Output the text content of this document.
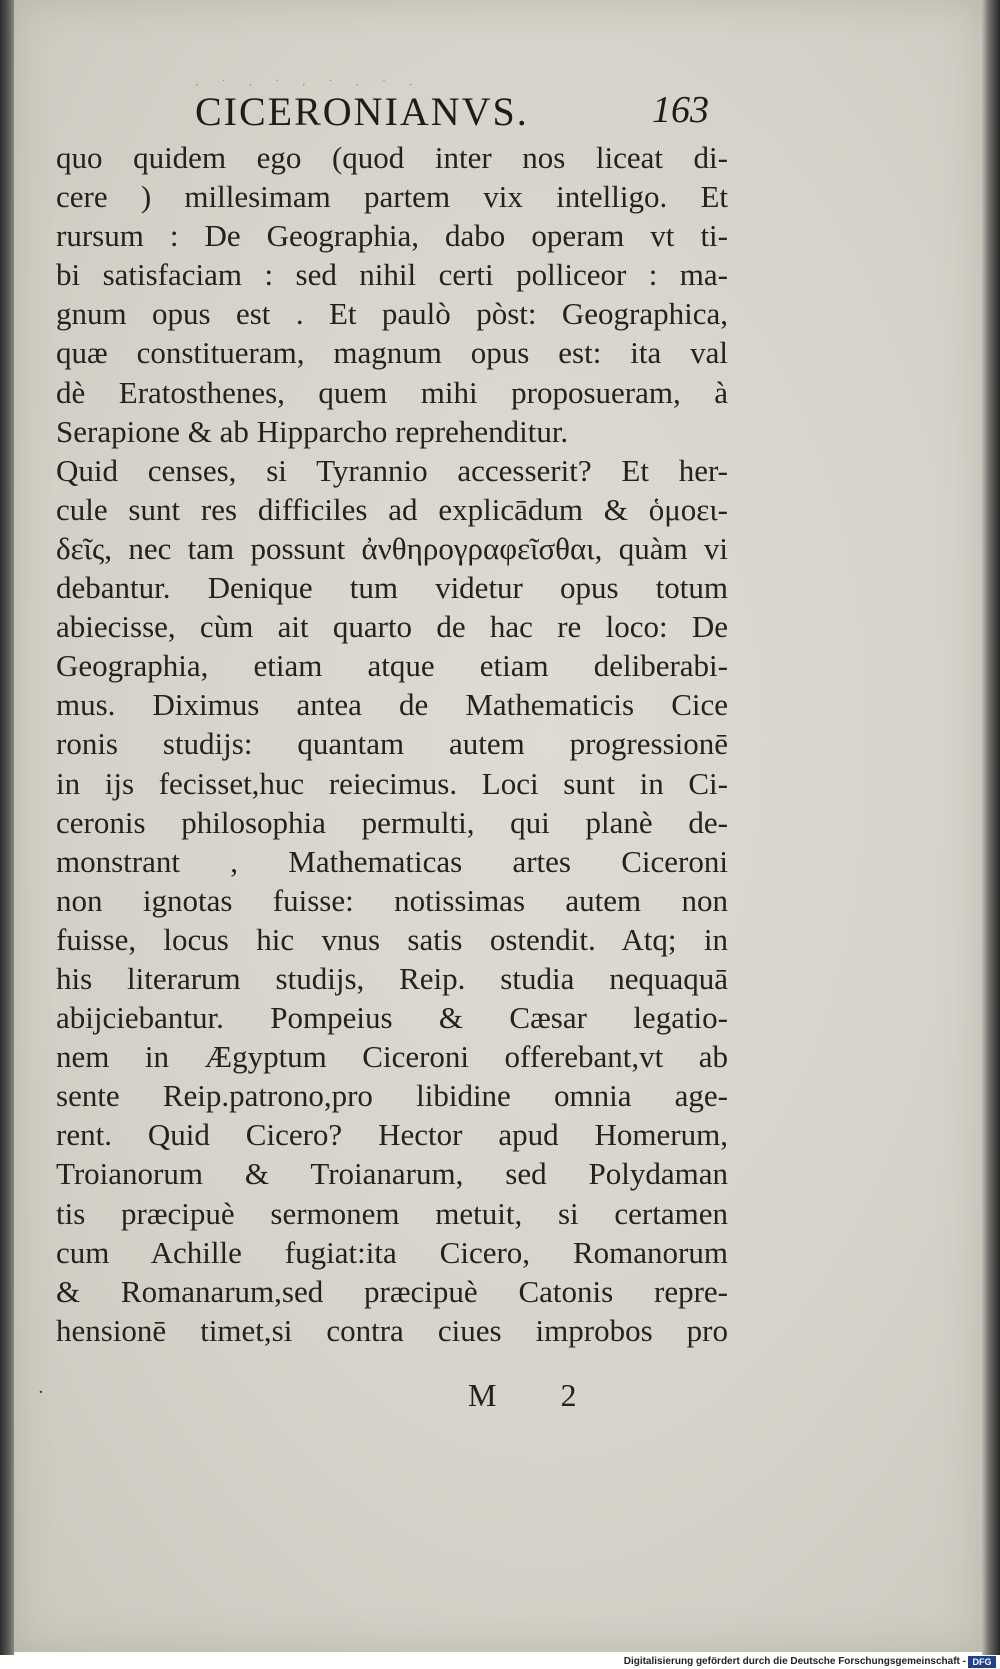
· ˙ · ˙ · ˙ · ˙ ·
CICERONIANVS.	163
quo quidem ego (quod inter nos liceat di-
cere ) millesimam partem vix intelligo. Et
rursum : De Geographia, dabo operam vt ti-
bi satisfaciam : sed nihil certi polliceor : ma-
gnum opus est . Et paulò pòst: Geographica,
quæ constitueram, magnum opus est: ita val
dè Eratosthenes, quem mihi proposueram, à
Serapione & ab Hipparcho reprehenditur.
Quid censes, si Tyrannio accesserit? Et her-
cule sunt res difficiles ad explicādum & ὁμοει-
δεῖς, nec tam possunt ἀνθηρογραφεῖσθαι, quàm vi
debantur. Denique tum videtur opus totum
abiecisse, cùm ait quarto de hac re loco: De
Geographia, etiam atque etiam deliberabi-
mus. Diximus antea de Mathematicis Cice
ronis studijs: quantam autem progressionē
in ijs fecisset,huc reiecimus. Loci sunt in Ci-
ceronis philosophia permulti, qui planè de-
monstrant , Mathematicas artes Ciceroni
non ignotas fuisse: notissimas autem non
fuisse, locus hic vnus satis ostendit. Atq; in
his literarum studijs, Reip. studia nequaquā
abijciebantur. Pompeius & Cæsar legatio-
nem in Ægyptum Ciceroni offerebant,vt ab
sente Reip.patrono,pro libidine omnia age-
rent. Quid Cicero? Hector apud Homerum,
Troianorum & Troianarum, sed Polydaman
tis præcipuè sermonem metuit, si certamen
cum Achille fugiat:ita Cicero, Romanorum
& Romanarum,sed præcipuè Catonis repre-
hensionē timet,si contra ciues improbos pro
·	M 2
Digitalisierung gefördert durch die Deutsche Forschungsgemeinschaft - DFG
